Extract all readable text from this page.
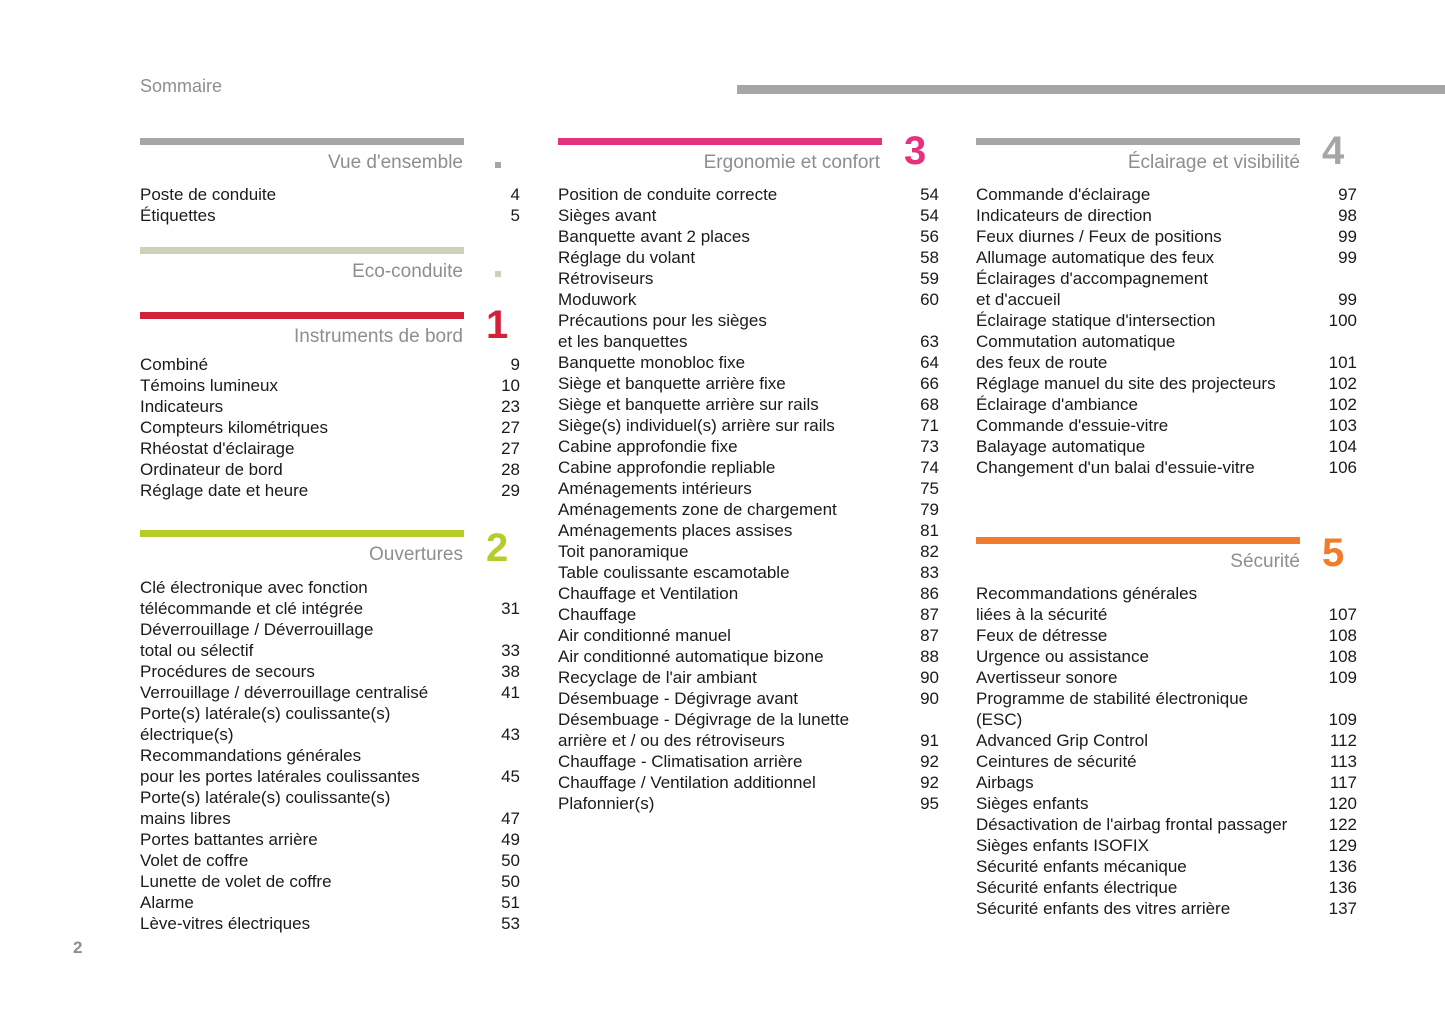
Sommaire
Vue d'ensemble
Poste de conduite	4
Étiquettes	5
Eco-conduite
Instruments de bord 1
Combiné	9
Témoins lumineux	10
Indicateurs	23
Compteurs kilométriques	27
Rhéostat d'éclairage	27
Ordinateur de bord	28
Réglage date et heure	29
Ouvertures 2
Clé électronique avec fonction
télécommande et clé intégrée	31
Déverrouillage / Déverrouillage
total ou sélectif	33
Procédures de secours	38
Verrouillage / déverrouillage centralisé	41
Porte(s) latérale(s) coulissante(s)
électrique(s)	43
Recommandations générales
pour les portes latérales coulissantes	45
Porte(s) latérale(s) coulissante(s)
mains libres	47
Portes battantes arrière	49
Volet de coffre	50
Lunette de volet de coffre	50
Alarme	51
Lève-vitres électriques	53
Ergonomie et confort 3
Position de conduite correcte	54
Sièges avant	54
Banquette avant 2 places	56
Réglage du volant	58
Rétroviseurs	59
Moduwork	60
Précautions pour les sièges
et les banquettes	63
Banquette monobloc fixe	64
Siège et banquette arrière fixe	66
Siège et banquette arrière sur rails	68
Siège(s) individuel(s) arrière sur rails	71
Cabine approfondie fixe	73
Cabine approfondie repliable	74
Aménagements intérieurs	75
Aménagements zone de chargement	79
Aménagements places assises	81
Toit panoramique	82
Table coulissante escamotable	83
Chauffage et Ventilation	86
Chauffage	87
Air conditionné manuel	87
Air conditionné automatique bizone	88
Recyclage de l'air ambiant	90
Désembuage - Dégivrage avant	90
Désembuage - Dégivrage de la lunette
arrière et / ou des rétroviseurs	91
Chauffage - Climatisation arrière	92
Chauffage / Ventilation additionnel	92
Plafonnier(s)	95
Éclairage et visibilité 4
Commande d'éclairage	97
Indicateurs de direction	98
Feux diurnes / Feux de positions	99
Allumage automatique des feux	99
Éclairages d'accompagnement
et d'accueil	99
Éclairage statique d'intersection	100
Commutation automatique
des feux de route	101
Réglage manuel du site des projecteurs	102
Éclairage d'ambiance	102
Commande d'essuie-vitre	103
Balayage automatique	104
Changement d'un balai d'essuie-vitre	106
Sécurité 5
Recommandations générales
liées à la sécurité	107
Feux de détresse	108
Urgence ou assistance	108
Avertisseur sonore	109
Programme de stabilité électronique (ESC)	109
Advanced Grip Control	112
Ceintures de sécurité	113
Airbags	117
Sièges enfants	120
Désactivation de l'airbag frontal passager	122
Sièges enfants ISOFIX	129
Sécurité enfants mécanique	136
Sécurité enfants électrique	136
Sécurité enfants des vitres arrière	137
2
